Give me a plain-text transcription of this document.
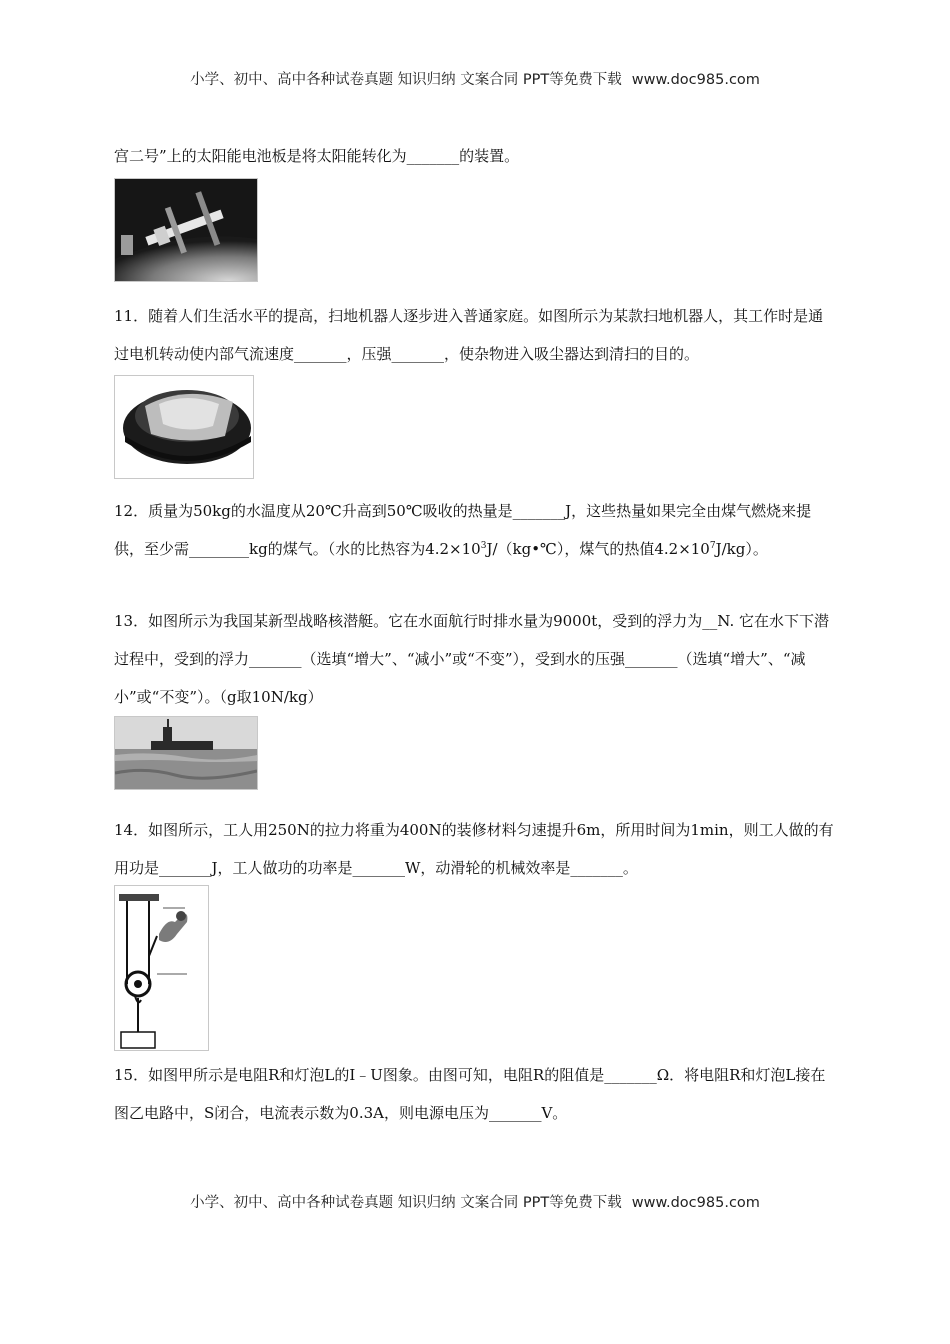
小学、初中、高中各种试卷真题 知识归纳 文案合同 PPT等免费下载 www.doc985.com

宫二号”上的太阳能电池板是将太阳能转化为_______的装置。

11．随着人们生活水平的提高，扫地机器人逐步进入普通家庭。如图所示为某款扫地机器人，其工作时是通过电机转动使内部气流速度_______，压强_______，使杂物进入吸尘器达到清扫的目的。

12．质量为50kg的水温度从20℃升高到50℃吸收的热量是_______J，这些热量如果完全由煤气燃烧来提供，至少需________kg的煤气。（水的比热容为$4.2\times 10^3J/(kg•℃)$，煤气的热值$4.2\times 10^7J/kg$）。

13．如图所示为我国某新型战略核潜艇。它在水面航行时排水量为9000t，受到的浮力为__N. 它在水下下潜过程中，受到的浮力_______（选填“增大”、“减小”或“不变”），受到水的压强_______（选填“增大”、“减小”或“不变”）。（g取10N/kg）

14．如图所示，工人用250N的拉力将重为400N的装修材料匀速提升6m，所用时间为1min，则工人做的有用功是_______J，工人做功的功率是_______W，动滑轮的机械效率是_______。

15．如图甲所示是电阻R和灯泡L的I﹣U图象。由图可知，电阻R的阻值是_______Ω．将电阻R和灯泡L接在图乙电路中，S闭合，电流表示数为0.3A，则电源电压为_______V。

小学、初中、高中各种试卷真题 知识归纳 文案合同 PPT等免费下载 www.doc985.com
